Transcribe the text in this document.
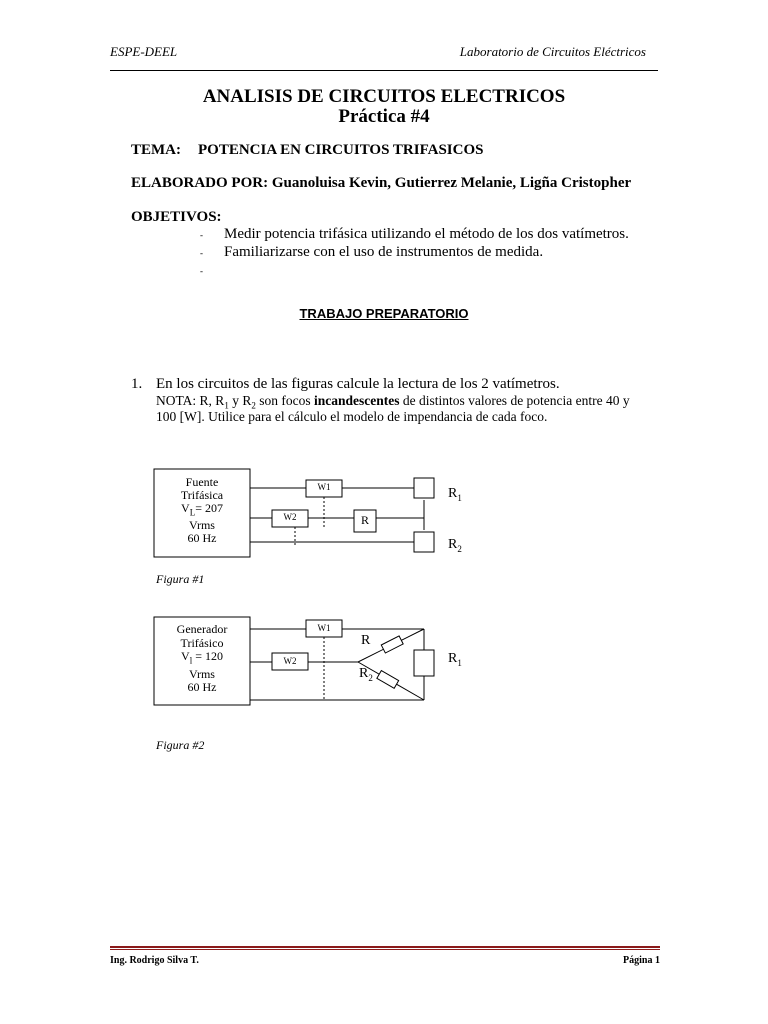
ESPE-DEEL	Laboratorio de Circuitos Eléctricos
ANALISIS DE CIRCUITOS ELECTRICOS
Práctica #4
TEMA: POTENCIA EN CIRCUITOS TRIFASICOS
ELABORADO POR: Guanoluisa Kevin, Gutierrez Melanie, Ligña Cristopher
OBJETIVOS:
- Medir potencia trifásica utilizando el método de los dos vatímetros.
- Familiarizarse con el uso de instrumentos de medida.
-
TRABAJO PREPARATORIO
1. En los circuitos de las figuras calcule la lectura de los 2 vatímetros.
NOTA: R, $R_1$ y $R_2$ son focos incandescentes de distintos valores de potencia entre 40 y
100 [W]. Utilice para el cálculo el modelo de impendancia de cada foco.
Fuente
Trifásica
$V_L= 207$
Vrms
60 Hz
W1
W2	R
$R_1$
$R_2$
Figura #1
Generador
Trifásico
$V_l = 120$
Vrms
60 Hz
W1
W2
R
$R_2$
$R_1$
Figura #2
Ing. Rodrigo Silva T.	Página 1
